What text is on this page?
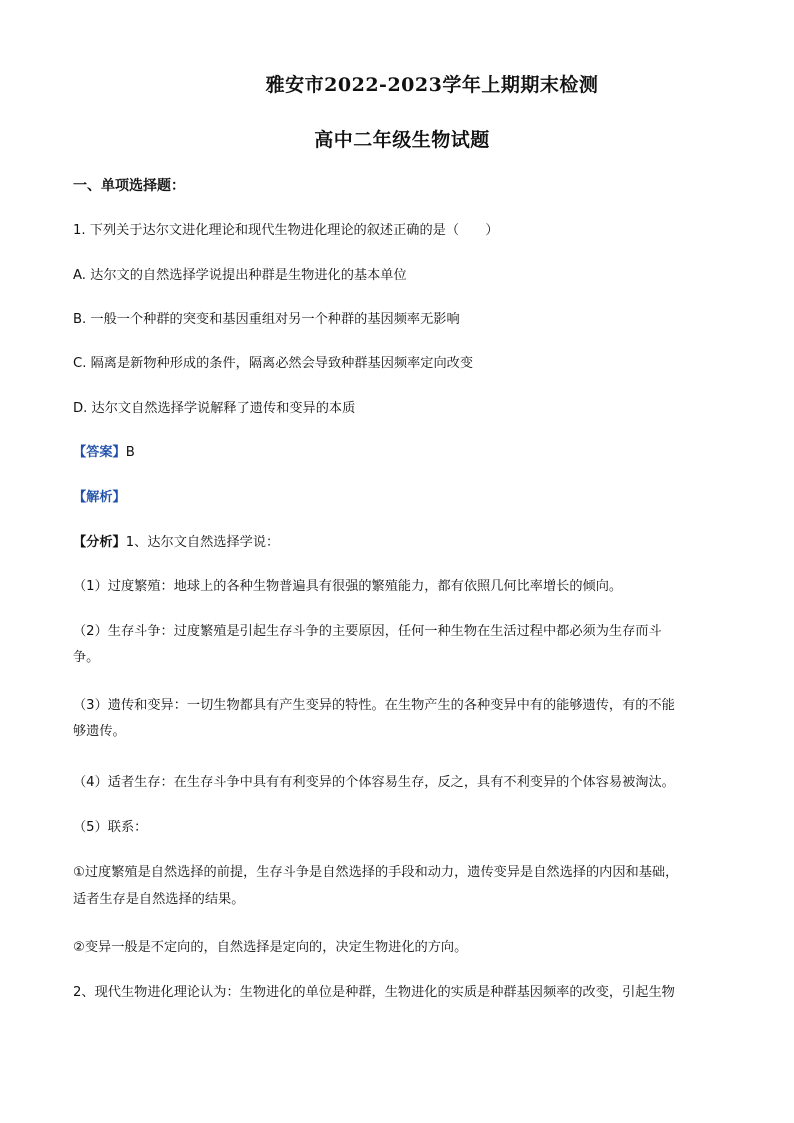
雅安市2022-2023学年上期期末检测
高中二年级生物试题
一、单项选择题：
1. 下列关于达尔文进化理论和现代生物进化理论的叙述正确的是（　　）
A. 达尔文的自然选择学说提出种群是生物进化的基本单位
B. 一般一个种群的突变和基因重组对另一个种群的基因频率无影响
C. 隔离是新物种形成的条件，隔离必然会导致种群基因频率定向改变
D. 达尔文自然选择学说解释了遗传和变异的本质
【答案】B
【解析】
【分析】1、达尔文自然选择学说：
（1）过度繁殖：地球上的各种生物普遍具有很强的繁殖能力，都有依照几何比率增长的倾向。
（2）生存斗争：过度繁殖是引起生存斗争的主要原因，任何一种生物在生活过程中都必须为生存而斗
争。
（3）遗传和变异：一切生物都具有产生变异的特性。在生物产生的各种变异中有的能够遗传，有的不能
够遗传。
（4）适者生存：在生存斗争中具有有利变异的个体容易生存，反之，具有不利变异的个体容易被淘汰。
（5）联系：
①过度繁殖是自然选择的前提，生存斗争是自然选择的手段和动力，遗传变异是自然选择的内因和基础，
适者生存是自然选择的结果。
②变异一般是不定向的，自然选择是定向的，决定生物进化的方向。
2、现代生物进化理论认为：生物进化的单位是种群，生物进化的实质是种群基因频率的改变，引起生物
